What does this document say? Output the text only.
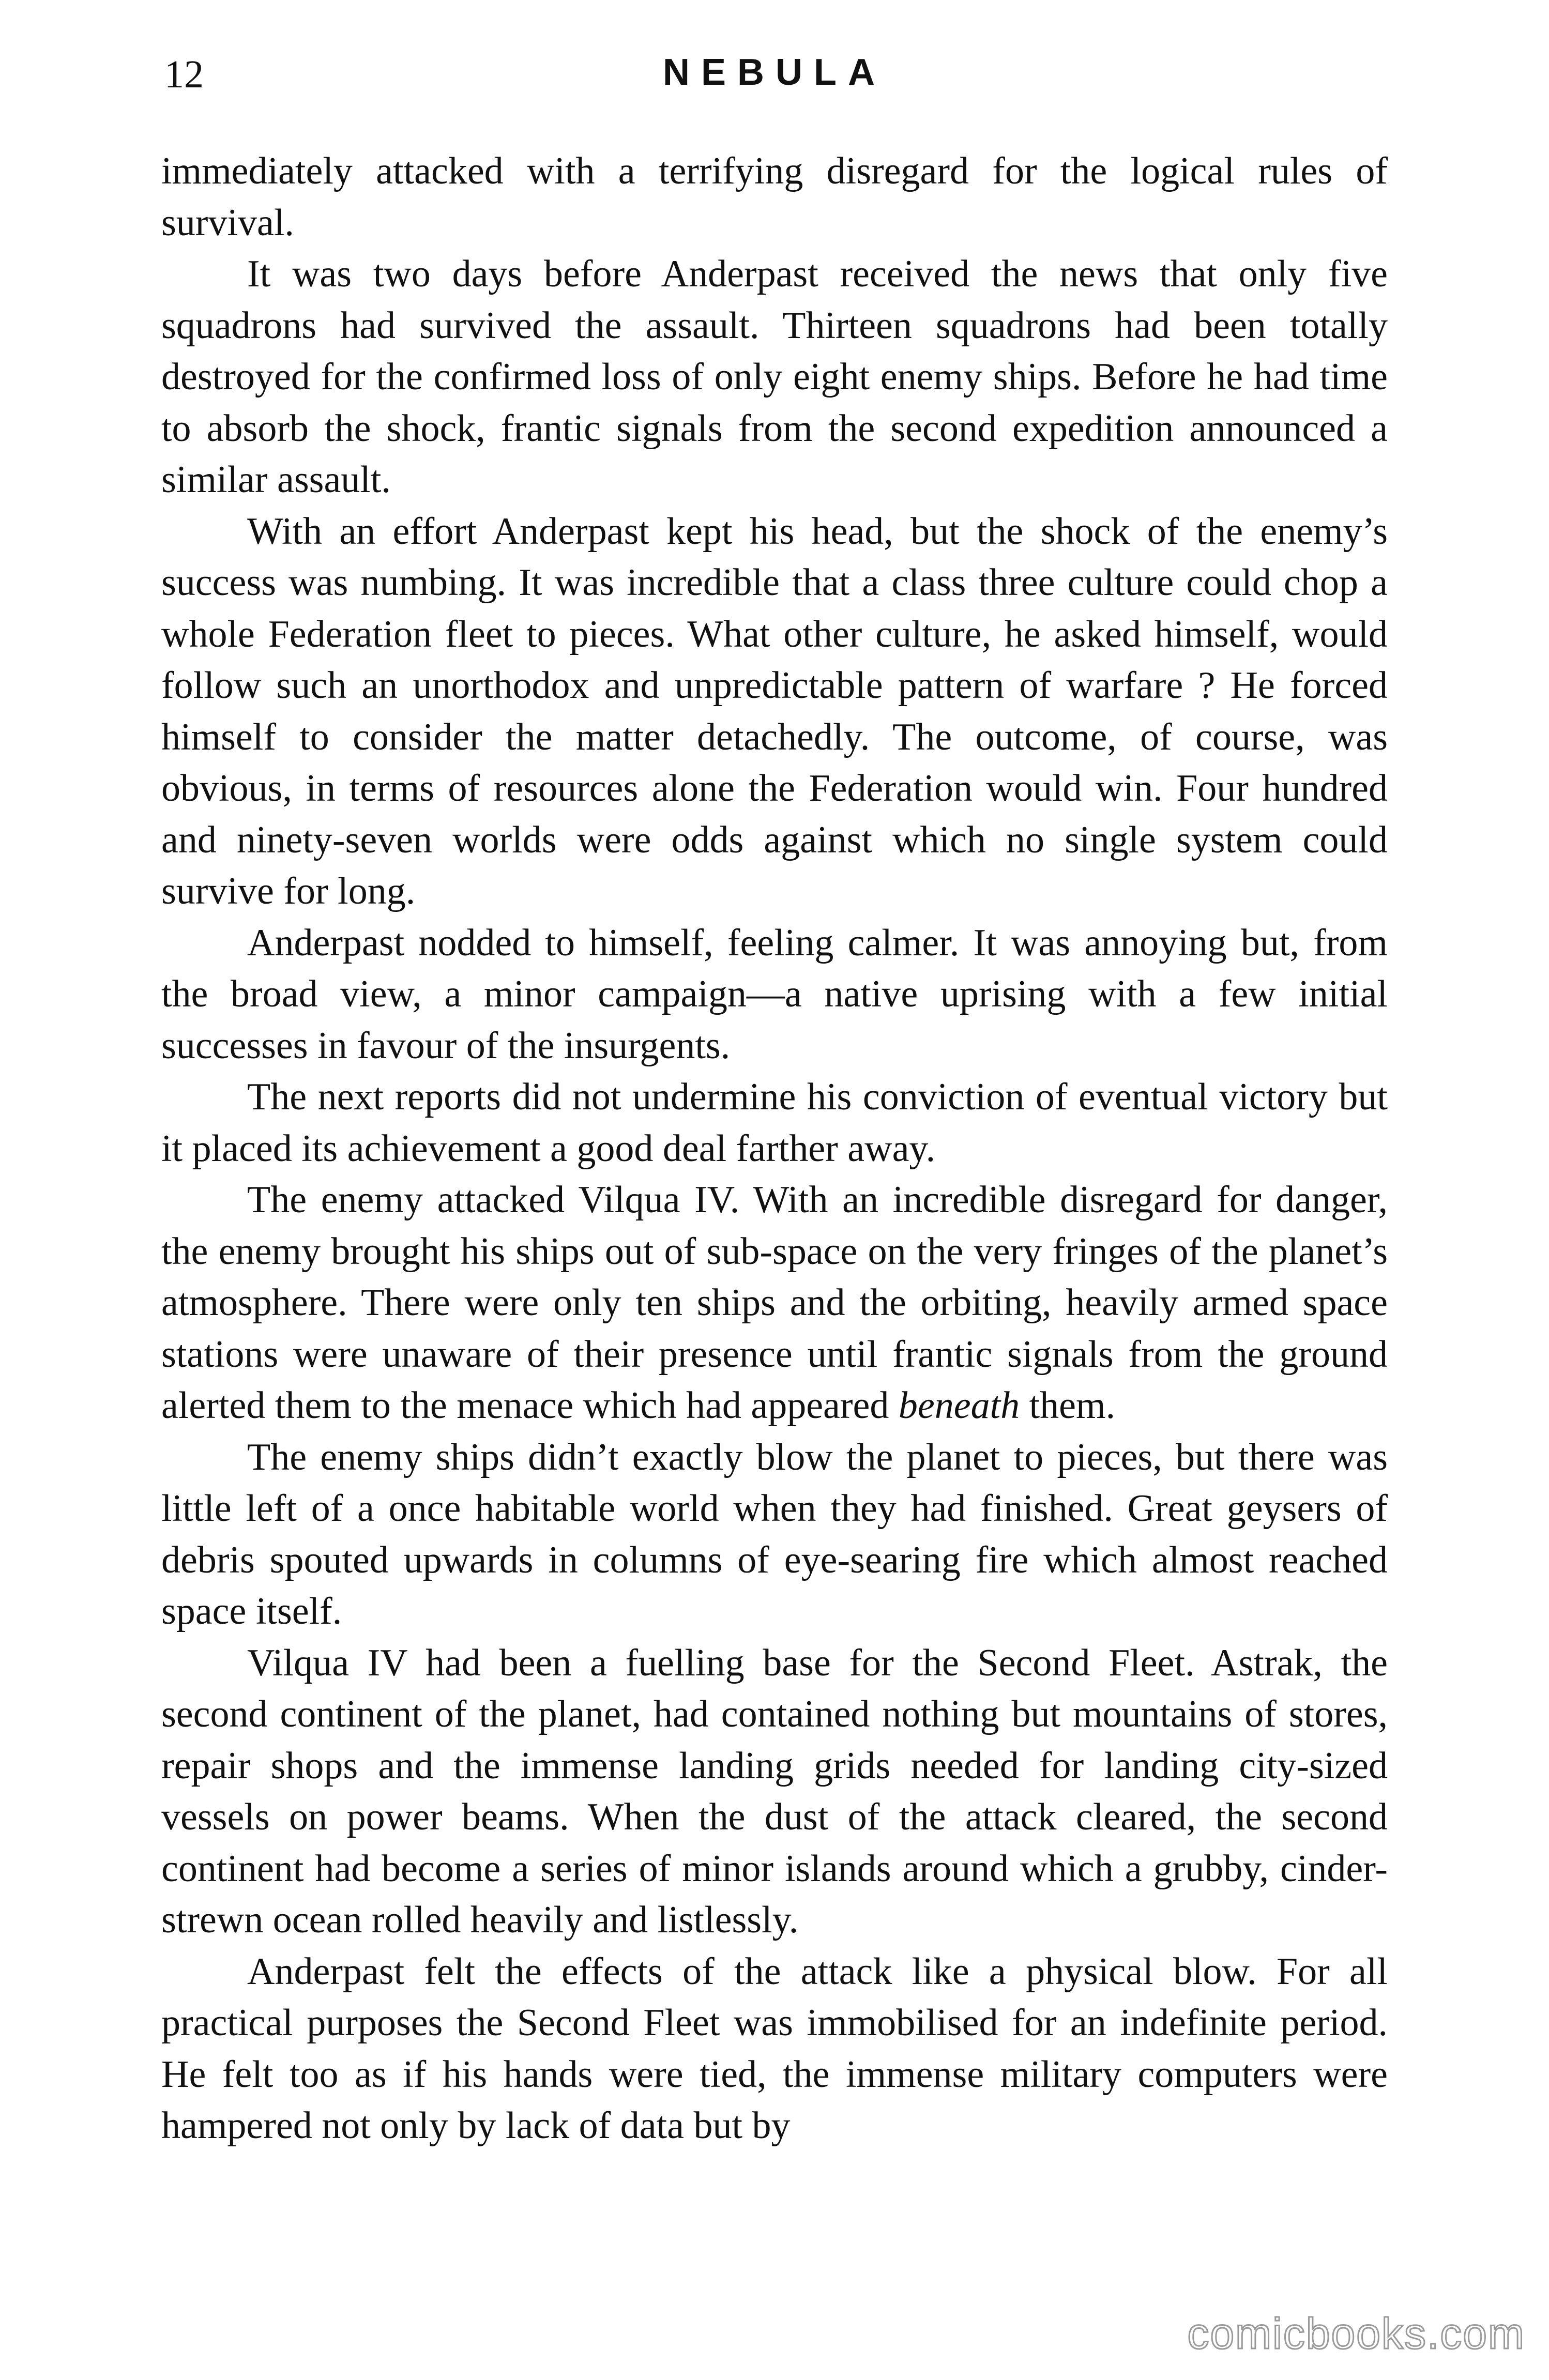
12	NEBULA

immediately attacked with a terrifying disregard for the logical rules of survival.

It was two days before Anderpast received the news that only five squadrons had survived the assault. Thirteen squadrons had been totally destroyed for the confirmed loss of only eight enemy ships. Before he had time to absorb the shock, frantic signals from the second expedition announced a similar assault.

With an effort Anderpast kept his head, but the shock of the enemy’s success was numbing. It was incredible that a class three culture could chop a whole Federation fleet to pieces. What other culture, he asked himself, would follow such an unorthodox and unpredictable pattern of warfare ? He forced himself to consider the matter detachedly. The outcome, of course, was obvious, in terms of resources alone the Federation would win. Four hundred and ninety-seven worlds were odds against which no single system could survive for long.

Anderpast nodded to himself, feeling calmer. It was annoying but, from the broad view, a minor campaign—a native uprising with a few initial successes in favour of the insurgents.

The next reports did not undermine his conviction of eventual victory but it placed its achievement a good deal farther away.

The enemy attacked Vilqua IV. With an incredible disregard for danger, the enemy brought his ships out of sub-space on the very fringes of the planet’s atmosphere. There were only ten ships and the orbiting, heavily armed space stations were unaware of their presence until frantic signals from the ground alerted them to the menace which had appeared beneath them.

The enemy ships didn’t exactly blow the planet to pieces, but there was little left of a once habitable world when they had finished. Great geysers of debris spouted upwards in columns of eye-searing fire which almost reached space itself.

Vilqua IV had been a fuelling base for the Second Fleet. Astrak, the second continent of the planet, had contained nothing but mountains of stores, repair shops and the immense landing grids needed for landing city-sized vessels on power beams. When the dust of the attack cleared, the second continent had become a series of minor islands around which a grubby, cinder-strewn ocean rolled heavily and listlessly.

Anderpast felt the effects of the attack like a physical blow. For all practical purposes the Second Fleet was immobilised for an indefinite period. He felt too as if his hands were tied, the immense military computers were hampered not only by lack of data but by

comicbooks.com
